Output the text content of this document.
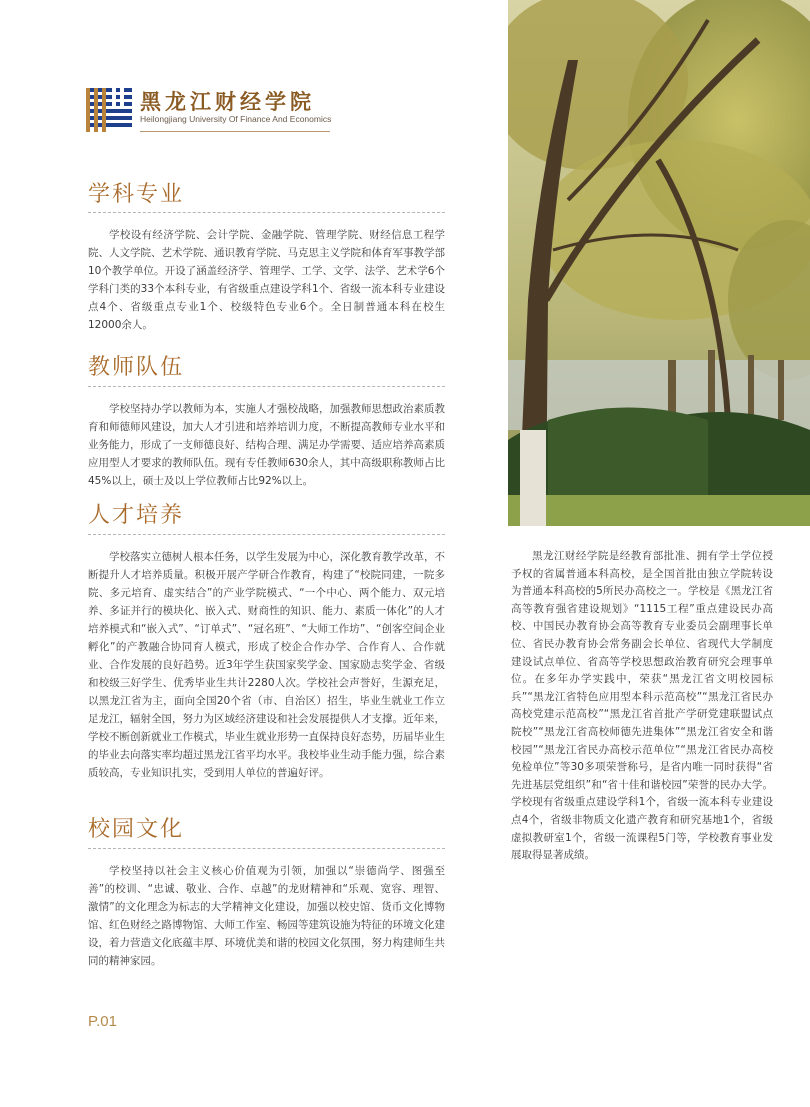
黑龙江财经学院
Heilongjiang University Of Finance And Economics
学科专业

学校设有经济学院、会计学院、金融学院、管理学院、财经信息工程学院、人文学院、艺术学院、通识教育学院、马克思主义学院和体育军事教学部10个教学单位。开设了涵盖经济学、管理学、工学、文学、法学、艺术学6个学科门类的33个本科专业，有省级重点建设学科1个、省级一流本科专业建设点4个、省级重点专业1个、校级特色专业6个。全日制普通本科在校生12000余人。

教师队伍

学校坚持办学以教师为本，实施人才强校战略，加强教师思想政治素质教育和师德师风建设，加大人才引进和培养培训力度，不断提高教师专业水平和业务能力，形成了一支师德良好、结构合理、满足办学需要、适应培养高素质应用型人才要求的教师队伍。现有专任教师630余人，其中高级职称教师占比45%以上，硕士及以上学位教师占比92%以上。

人才培养

学校落实立德树人根本任务，以学生发展为中心，深化教育教学改革，不断提升人才培养质量。积极开展产学研合作教育，构建了“校院同建，一院多院、多元培育、虚实结合”的产业学院模式、“一个中心、两个能力、双元培养、多证并行的模块化、嵌入式、财商性的知识、能力、素质一体化”的人才培养模式和“嵌入式”、“订单式”、“冠名班”、“大师工作坊”、“创客空间企业孵化”的产教融合协同育人模式，形成了校企合作办学、合作育人、合作就业、合作发展的良好趋势。近3年学生获国家奖学金、国家励志奖学金、省级和校级三好学生、优秀毕业生共计2280人次。学校社会声誉好，生源充足，以黑龙江省为主，面向全国20个省（市、自治区）招生，毕业生就业工作立足龙江，辐射全国，努力为区域经济建设和社会发展提供人才支撑。近年来，学校不断创新就业工作模式，毕业生就业形势一直保持良好态势，历届毕业生的毕业去向落实率均超过黑龙江省平均水平。我校毕业生动手能力强，综合素质较高，专业知识扎实，受到用人单位的普遍好评。

校园文化

学校坚持以社会主义核心价值观为引领，加强以“崇德尚学、图强至善”的校训、“忠诚、敬业、合作、卓越”的龙财精神和“乐观、宽容、理智、激情”的文化理念为标志的大学精神文化建设，加强以校史馆、货币文化博物馆、红色财经之路博物馆、大师工作室、畅园等建筑设施为特征的环境文化建设，着力营造文化底蕴丰厚、环境优美和谐的校园文化氛围，努力构建师生共同的精神家园。

黑龙江财经学院是经教育部批准、拥有学士学位授予权的省属普通本科高校，是全国首批由独立学院转设为普通本科高校的5所民办高校之一。学校是《黑龙江省高等教育强省建设规划》“1115工程”重点建设民办高校、中国民办教育协会高等教育专业委员会副理事长单位、省民办教育协会常务副会长单位、省现代大学制度建设试点单位、省高等学校思想政治教育研究会理事单位。在多年办学实践中，荣获“黑龙江省文明校园标兵”“黑龙江省特色应用型本科示范高校”“黑龙江省民办高校党建示范高校”“黑龙江省首批产学研党建联盟试点院校”“黑龙江省高校师德先进集体”“黑龙江省安全和谐校园”“黑龙江省民办高校示范单位”“黑龙江省民办高校免检单位”等30多项荣誉称号，是省内唯一同时获得“省先进基层党组织”和“省十佳和谐校园”荣誉的民办大学。学校现有省级重点建设学科1个，省级一流本科专业建设点4个，省级非物质文化遗产教育和研究基地1个，省级虚拟教研室1个，省级一流课程5门等，学校教育事业发展取得显著成绩。

P.01
